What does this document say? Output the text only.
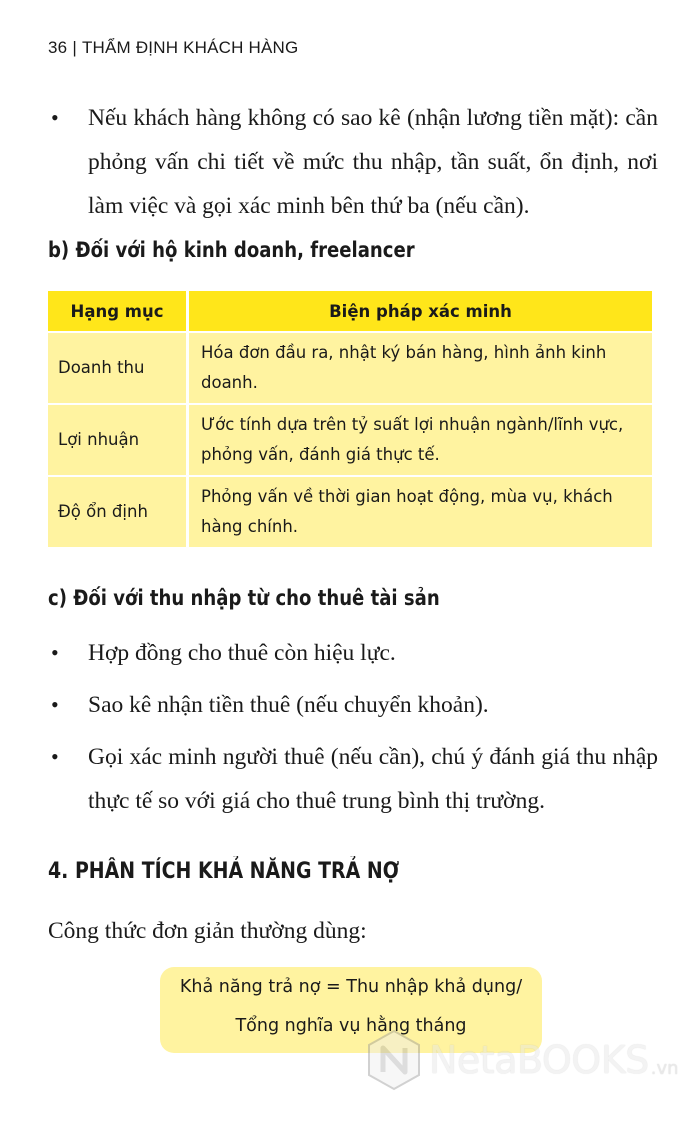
36 | THẨM ĐỊNH KHÁCH HÀNG
• Nếu khách hàng không có sao kê (nhận lương tiền mặt): cần phỏng vấn chi tiết về mức thu nhập, tần suất, ổn định, nơi làm việc và gọi xác minh bên thứ ba (nếu cần).
b) Đối với hộ kinh doanh, freelancer
Hạng mục	Biện pháp xác minh
Doanh thu	Hóa đơn đầu ra, nhật ký bán hàng, hình ảnh kinh doanh.
Lợi nhuận	Ước tính dựa trên tỷ suất lợi nhuận ngành/lĩnh vực, phỏng vấn, đánh giá thực tế.
Độ ổn định	Phỏng vấn về thời gian hoạt động, mùa vụ, khách hàng chính.
c) Đối với thu nhập từ cho thuê tài sản
• Hợp đồng cho thuê còn hiệu lực.
• Sao kê nhận tiền thuê (nếu chuyển khoản).
• Gọi xác minh người thuê (nếu cần), chú ý đánh giá thu nhập thực tế so với giá cho thuê trung bình thị trường.
4. PHÂN TÍCH KHẢ NĂNG TRẢ NỢ
Công thức đơn giản thường dùng:
Khả năng trả nợ = Thu nhập khả dụng/
Tổng nghĩa vụ hằng tháng
NetaBOOKS .vn
